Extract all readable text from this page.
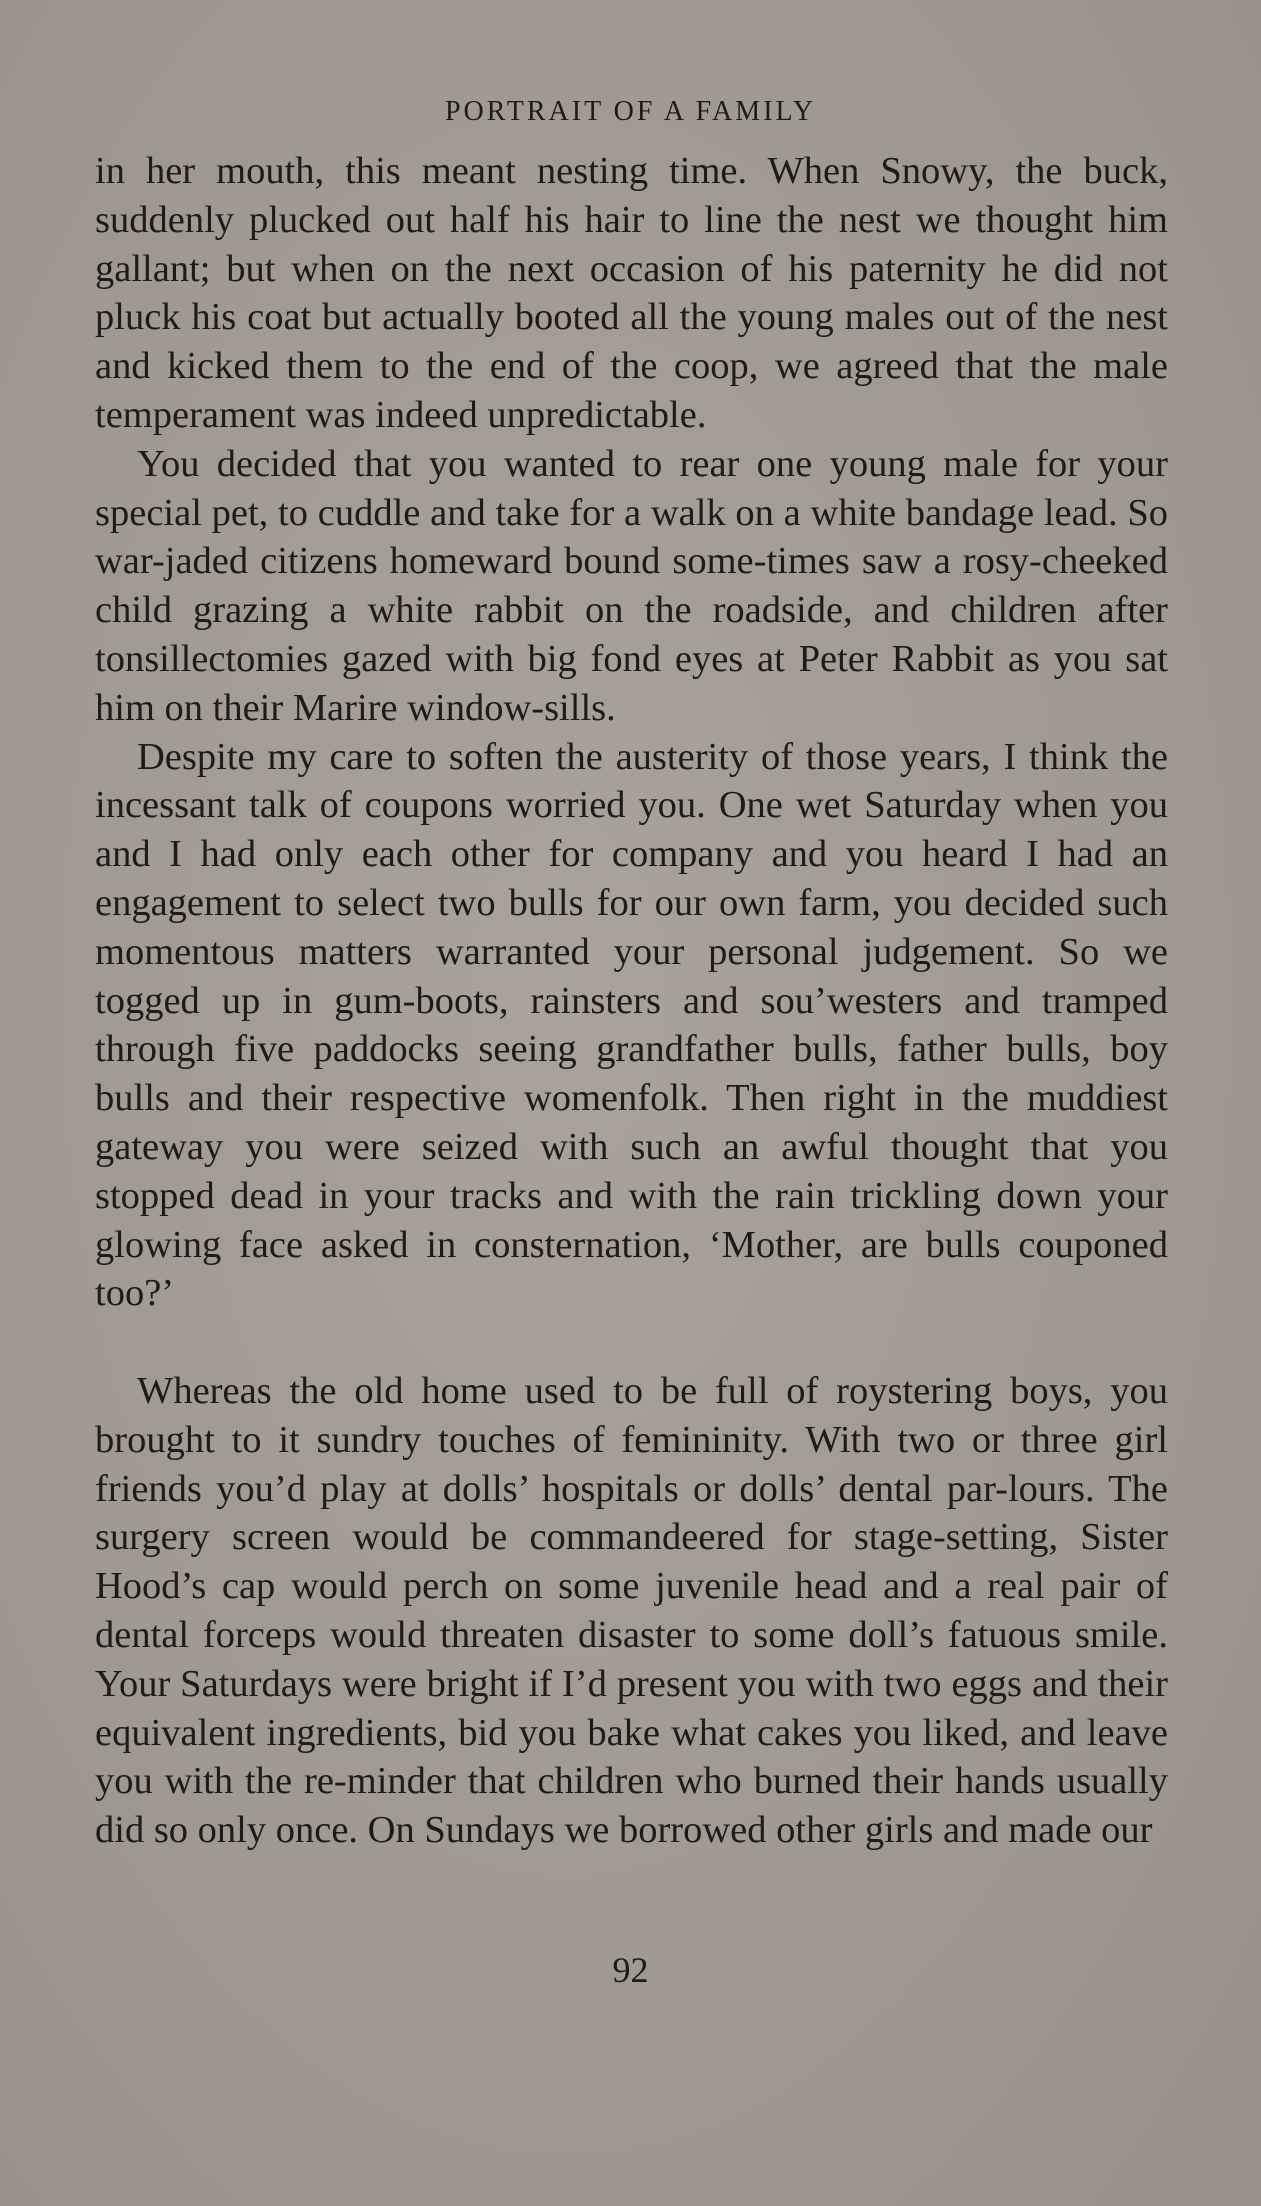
PORTRAIT OF A FAMILY

in her mouth, this meant nesting time. When Snowy, the buck, suddenly plucked out half his hair to line the nest we thought him gallant; but when on the next occasion of his paternity he did not pluck his coat but actually booted all the young males out of the nest and kicked them to the end of the coop, we agreed that the male temperament was indeed unpredictable.

You decided that you wanted to rear one young male for your special pet, to cuddle and take for a walk on a white bandage lead. So war-jaded citizens homeward bound some-times saw a rosy-cheeked child grazing a white rabbit on the roadside, and children after tonsillectomies gazed with big fond eyes at Peter Rabbit as you sat him on their Marire window-sills.

Despite my care to soften the austerity of those years, I think the incessant talk of coupons worried you. One wet Saturday when you and I had only each other for company and you heard I had an engagement to select two bulls for our own farm, you decided such momentous matters warranted your personal judgement. So we togged up in gum-boots, rainsters and sou’westers and tramped through five paddocks seeing grandfather bulls, father bulls, boy bulls and their respective womenfolk. Then right in the muddiest gateway you were seized with such an awful thought that you stopped dead in your tracks and with the rain trickling down your glowing face asked in consternation, ‘Mother, are bulls couponed too?’

Whereas the old home used to be full of roystering boys, you brought to it sundry touches of femininity. With two or three girl friends you’d play at dolls’ hospitals or dolls’ dental par-lours. The surgery screen would be commandeered for stage-setting, Sister Hood’s cap would perch on some juvenile head and a real pair of dental forceps would threaten disaster to some doll’s fatuous smile. Your Saturdays were bright if I’d present you with two eggs and their equivalent ingredients, bid you bake what cakes you liked, and leave you with the re-minder that children who burned their hands usually did so only once. On Sundays we borrowed other girls and made our

92
